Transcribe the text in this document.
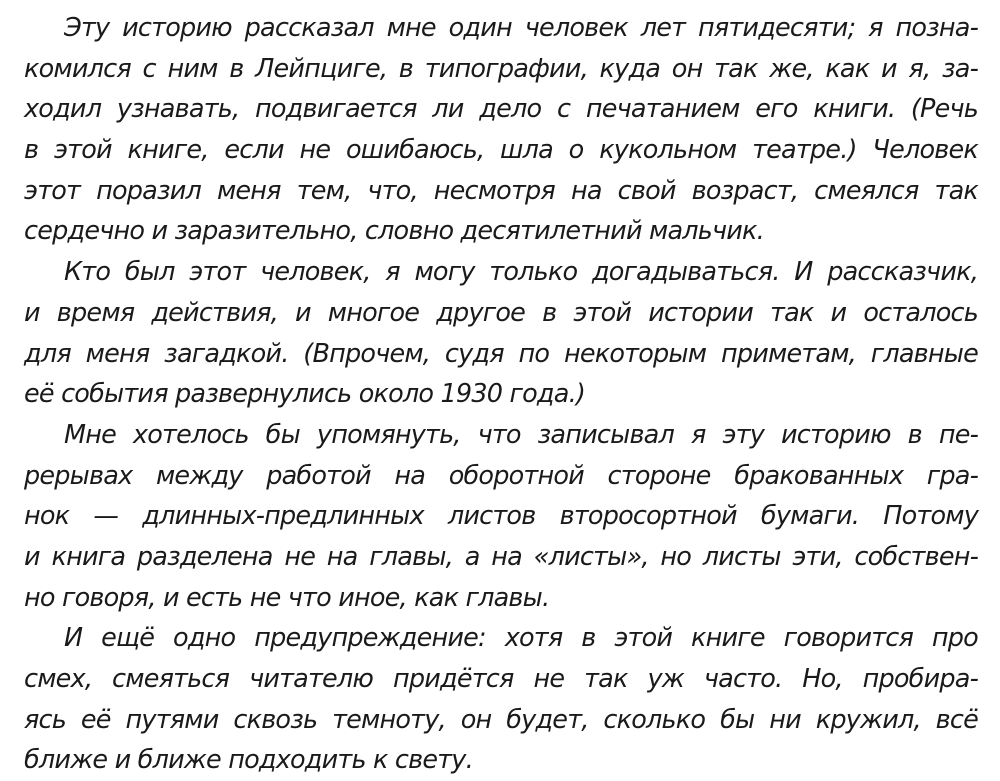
Эту историю рассказал мне один человек лет пятидесяти; я позна-
комился с ним в Лейпциге, в типографии, куда он так же, как и я, за-
ходил узнавать, подвигается ли дело с печатанием его книги. (Речь
в этой книге, если не ошибаюсь, шла о кукольном театре.) Человек
этот поразил меня тем, что, несмотря на свой возраст, смеялся так
сердечно и заразительно, словно десятилетний мальчик.

Кто был этот человек, я могу только догадываться. И рассказчик,
и время действия, и многое другое в этой истории так и осталось
для меня загадкой. (Впрочем, судя по некоторым приметам, главные
её события развернулись около 1930 года.)

Мне хотелось бы упомянуть, что записывал я эту историю в пе-
рерывах между работой на оборотной стороне бракованных гра-
нок — длинных-предлинных листов второсортной бумаги. Потому
и книга разделена не на главы, а на «листы», но листы эти, собствен-
но говоря, и есть не что иное, как главы.

И ещё одно предупреждение: хотя в этой книге говорится про
смех, смеяться читателю придётся не так уж часто. Но, пробира-
ясь её путями сквозь темноту, он будет, сколько бы ни кружил, всё
ближе и ближе подходить к свету.
